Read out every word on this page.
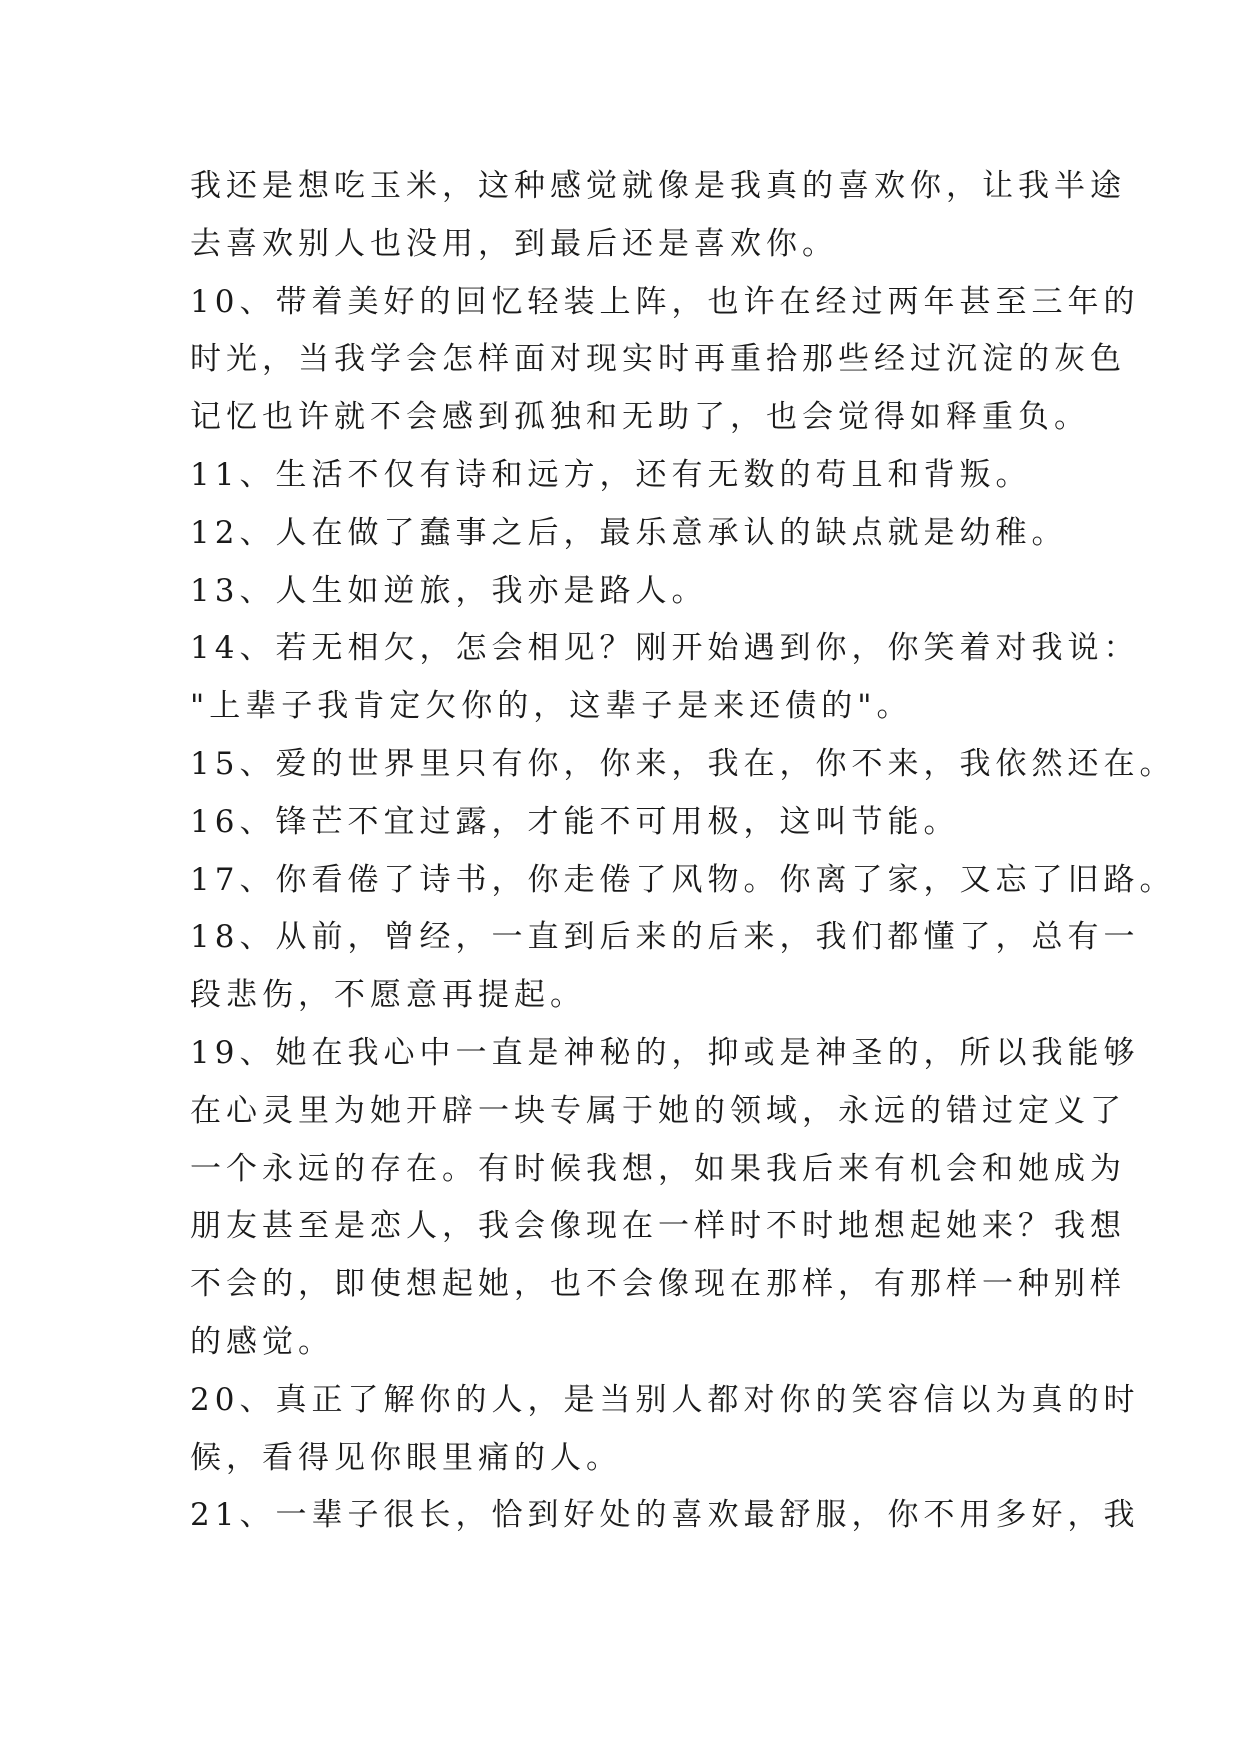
我还是想吃玉米，这种感觉就像是我真的喜欢你，让我半途
去喜欢别人也没用，到最后还是喜欢你。
10、带着美好的回忆轻装上阵，也许在经过两年甚至三年的
时光，当我学会怎样面对现实时再重拾那些经过沉淀的灰色
记忆也许就不会感到孤独和无助了，也会觉得如释重负。
11、生活不仅有诗和远方，还有无数的苟且和背叛。
12、人在做了蠢事之后，最乐意承认的缺点就是幼稚。
13、人生如逆旅，我亦是路人。
14、若无相欠，怎会相见？刚开始遇到你，你笑着对我说：
"上辈子我肯定欠你的，这辈子是来还债的"。
15、爱的世界里只有你，你来，我在，你不来，我依然还在。
16、锋芒不宜过露，才能不可用极，这叫节能。
17、你看倦了诗书，你走倦了风物。你离了家，又忘了旧路。
18、从前，曾经，一直到后来的后来，我们都懂了，总有一
段悲伤，不愿意再提起。
19、她在我心中一直是神秘的，抑或是神圣的，所以我能够
在心灵里为她开辟一块专属于她的领域，永远的错过定义了
一个永远的存在。有时候我想，如果我后来有机会和她成为
朋友甚至是恋人，我会像现在一样时不时地想起她来？我想
不会的，即使想起她，也不会像现在那样，有那样一种别样
的感觉。
20、真正了解你的人，是当别人都对你的笑容信以为真的时
候，看得见你眼里痛的人。
21、一辈子很长，恰到好处的喜欢最舒服，你不用多好，我
